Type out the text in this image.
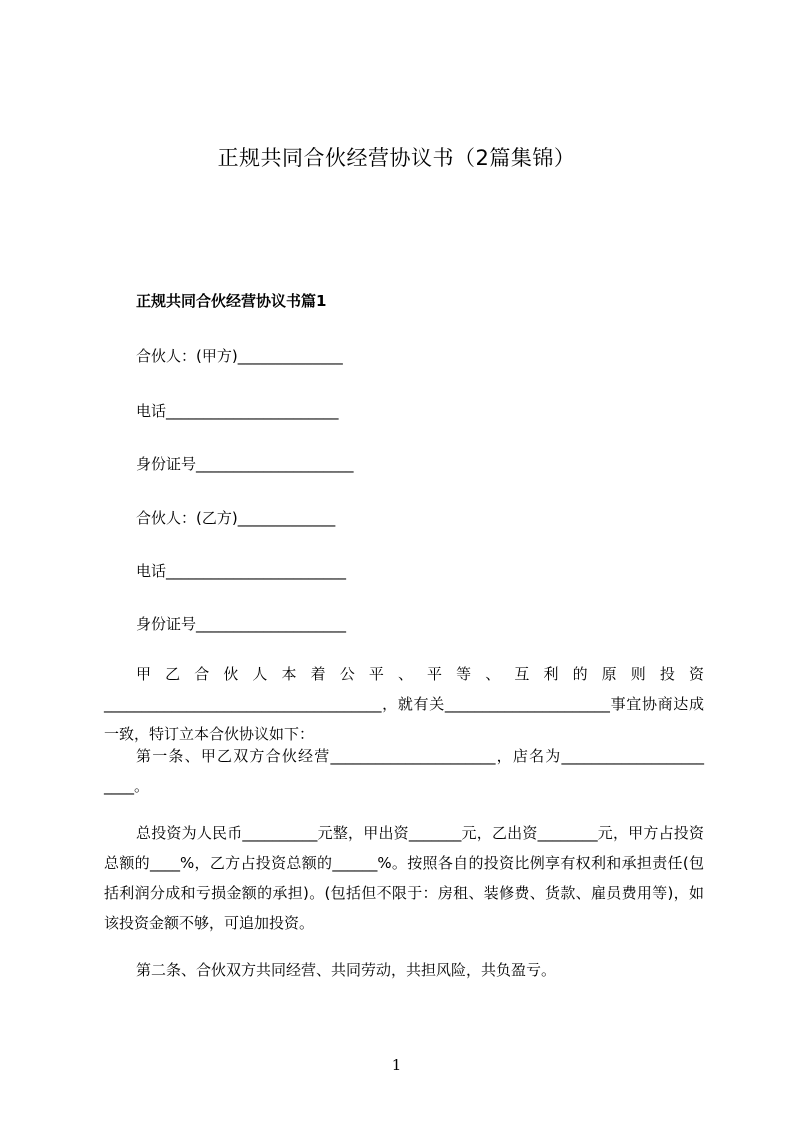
正规共同合伙经营协议书（2篇集锦）
正规共同合伙经营协议书篇1
合伙人：(甲方)______________
电话_______________________
身份证号_____________________
合伙人：(乙方)_____________
电话________________________
身份证号____________________
甲乙合伙人本着公平、平等、互利的原则投资_____________________________________，就有关______________________事宜协商达成一致，特订立本合伙协议如下：
第一条、甲乙双方合伙经营______________________，店名为___________________ ____。
总投资为人民币__________元整，甲出资_______元，乙出资________元，甲方占投资总额的____%，乙方占投资总额的______%。按照各自的投资比例享有权利和承担责任(包括利润分成和亏损金额的承担)。(包括但不限于：房租、装修费、货款、雇员费用等)，如该投资金额不够，可追加投资。
第二条、合伙双方共同经营、共同劳动，共担风险，共负盈亏。
1
